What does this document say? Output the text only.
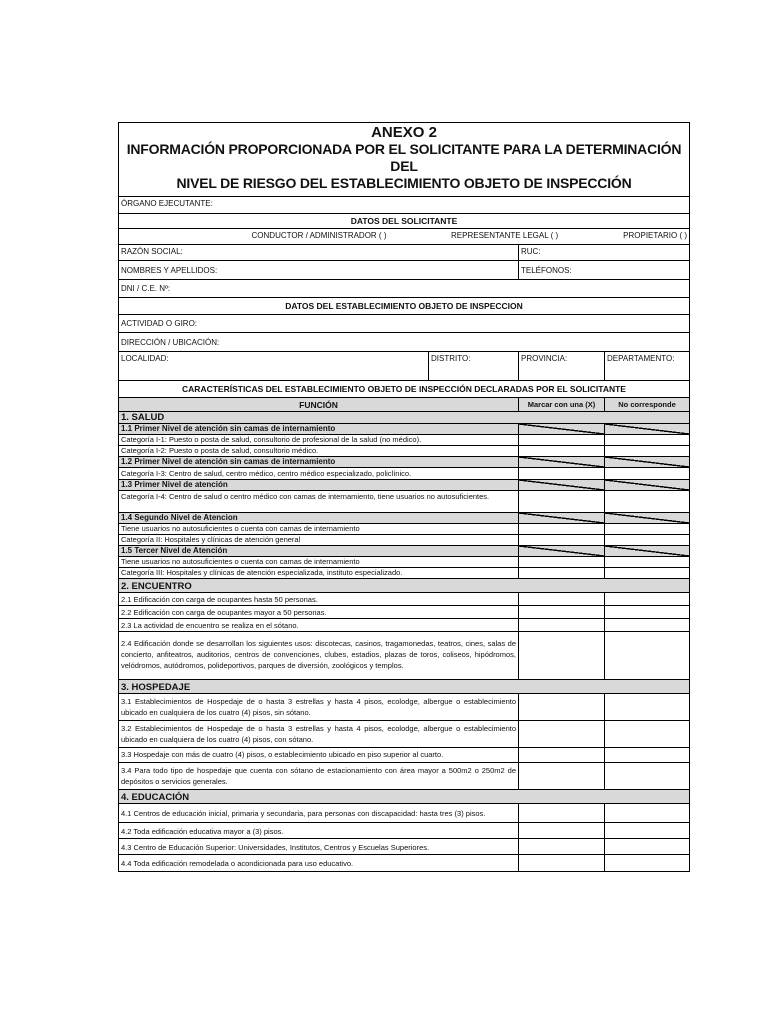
ANEXO 2
INFORMACIÓN PROPORCIONADA POR EL SOLICITANTE PARA LA DETERMINACIÓN DEL
NIVEL DE RIESGO DEL ESTABLECIMIENTO OBJETO DE INSPECCIÓN
ÓRGANO EJECUTANTE:
DATOS DEL SOLICITANTE
CONDUCTOR / ADMINISTRADOR ( )	REPRESENTANTE LEGAL ( )	PROPIETARIO ( )
RAZÓN SOCIAL:	RUC:
NOMBRES Y APELLIDOS:	TELÉFONOS:
DNI / C.E. Nº:
DATOS DEL ESTABLECIMIENTO OBJETO DE INSPECCION
ACTIVIDAD O GIRO:
DIRECCIÓN / UBICACIÓN:
LOCALIDAD:	DISTRITO:	PROVINCIA:	DEPARTAMENTO:
CARACTERÍSTICAS DEL ESTABLECIMIENTO OBJETO DE INSPECCIÓN DECLARADAS POR EL SOLICITANTE
FUNCIÓN	Marcar con una (X)	No corresponde
1. SALUD
1.1 Primer Nivel de atención sin camas de internamiento
Categoría I-1: Puesto o posta de salud, consultorio de profesional de la salud (no médico).
Categoría I-2: Puesto o posta de salud, consultorio médico.
1.2 Primer Nivel de atención sin camas de internamiento
Categoría I-3: Centro de salud, centro médico, centro médico especializado, policlínico.
1.3 Primer Nivel de atención
Categoría I-4: Centro de salud o centro médico con camas de internamiento, tiene usuarios no autosuficientes.
1.4 Segundo Nivel de Atencion
Tiene usuarios no autosuficientes o cuenta con camas de internamiento
Categoría II: Hospitales y clínicas de atención general
1.5 Tercer Nivel de Atención
Tiene usuarios no autosuficientes o cuenta con camas de internamiento
Categoría III: Hospitales y clínicas de atención especializada, instituto especializado.
2. ENCUENTRO
2.1 Edificación con carga de ocupantes hasta 50 personas.
2.2 Edificación con carga de ocupantes mayor a 50 personas.
2.3 La actividad de encuentro se realiza en el sótano.
2.4 Edificación donde se desarrollan los siguientes usos: discotecas, casinos, tragamonedas, teatros, cines, salas de concierto, anfiteatros, auditorios, centros de convenciones, clubes, estadios, plazas de toros, coliseos, hipódromos, velódromos, autódromos, polideportivos, parques de diversión, zoológicos y templos.
3. HOSPEDAJE
3.1 Establecimientos de Hospedaje de o hasta 3 estrellas y hasta 4 pisos, ecolodge, albergue o establecimiento ubicado en cualquiera de los cuatro (4) pisos, sin sótano.
3.2 Establecimientos de Hospedaje de o hasta 3 estrellas y hasta 4 pisos, ecolodge, albergue o establecimiento ubicado en cualquiera de los cuatro (4) pisos, con sótano.
3.3 Hospedaje con más de cuatro (4) pisos, o establecimiento ubicado en piso superior al cuarto.
3.4 Para todo tipo de hospedaje que cuenta con sótano de estacionamiento con área mayor a 500m2 o 250m2 de depósitos o servicios generales.
4. EDUCACIÓN
4.1 Centros de educación inicial, primaria y secundaria, para personas con discapacidad: hasta tres (3) pisos.
4.2 Toda edificación educativa mayor a (3) pisos.
4.3 Centro de Educación Superior: Universidades, Institutos, Centros y Escuelas Superiores.
4.4 Toda edificación remodelada o acondicionada para uso educativo.
